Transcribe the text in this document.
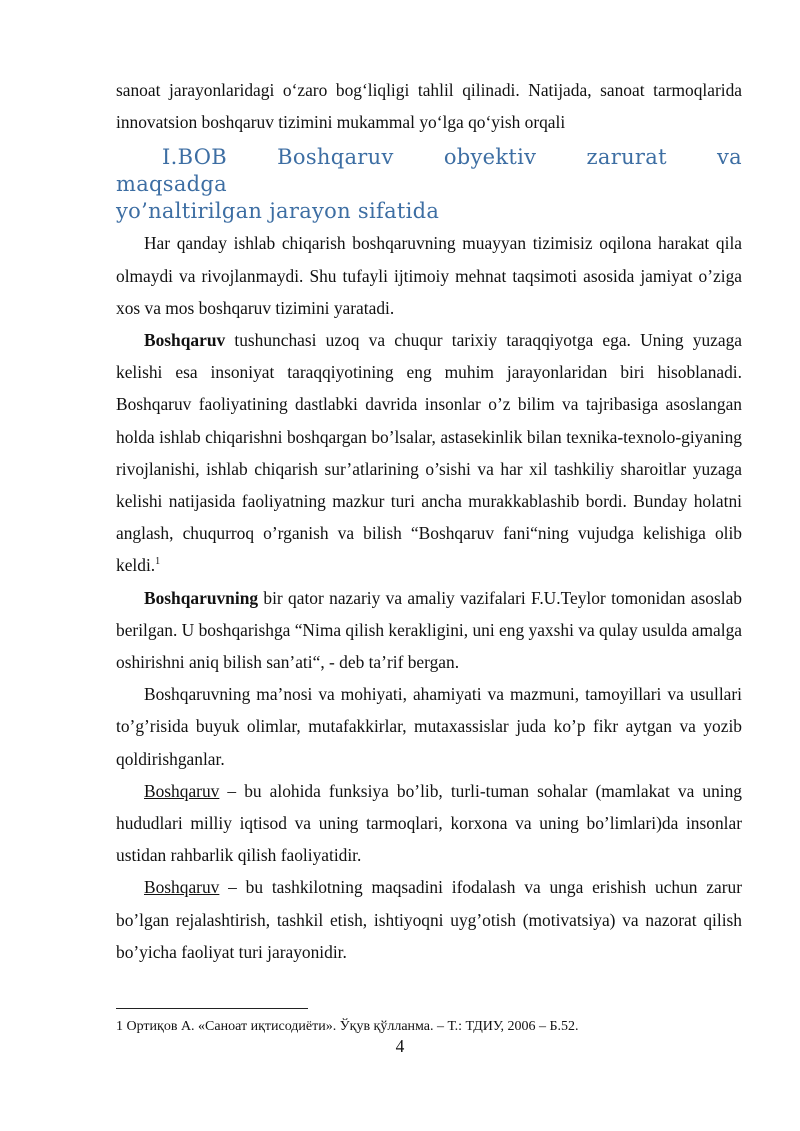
sanoat jarayonlaridagi o‘zaro bog‘liqligi tahlil qilinadi. Natijada, sanoat tarmoqlarida innovatsion boshqaruv tizimini mukammal yo‘lga qo‘yish orqali

I.BOB Boshqaruv obyektiv zarurat va maqsadga
yo’naltirilgan jarayon sifatida

Har qanday ishlab chiqarish boshqaruvning muayyan tizimisiz oqilona harakat qila olmaydi va rivojlanmaydi. Shu tufayli ijtimoiy mehnat taqsimoti asosida jamiyat o’ziga xos va mos boshqaruv tizimini yaratadi.

Boshqaruv tushunchasi uzoq va chuqur tarixiy taraqqiyotga ega. Uning yuzaga kelishi esa insoniyat taraqqiyotining eng muhim jarayonlaridan biri hisoblanadi. Boshqaruv faoliyatining dastlabki davrida insonlar o’z bilim va tajribasiga asoslangan holda ishlab chiqarishni boshqargan bo’lsalar, astasekinlik bilan texnika-texnolo-giyaning rivojlanishi, ishlab chiqarish sur’atlarining o’sishi va har xil tashkiliy sharoitlar yuzaga kelishi natijasida faoliyatning mazkur turi ancha murakkablashib bordi. Bunday holatni anglash, chuqurroq o’rganish va bilish “Boshqaruv fani“ning vujudga kelishiga olib keldi.$^1$

Boshqaruvning bir qator nazariy va amaliy vazifalari F.U.Teylor tomonidan asoslab berilgan. U boshqarishga “Nima qilish kerakligini, uni eng yaxshi va qulay usulda amalga oshirishni aniq bilish san’ati“, - deb ta’rif bergan.

Boshqaruvning ma’nosi va mohiyati, ahamiyati va mazmuni, tamoyillari va usullari to’g’risida buyuk olimlar, mutafakkirlar, mutaxassislar juda ko’p fikr aytgan va yozib qoldirishganlar.

Boshqaruv – bu alohida funksiya bo’lib, turli-tuman sohalar (mamlakat va uning hududlari milliy iqtisod va uning tarmoqlari, korxona va uning bo’limlari)da insonlar ustidan rahbarlik qilish faoliyatidir.

Boshqaruv – bu tashkilotning maqsadini ifodalash va unga erishish uchun zarur bo’lgan rejalashtirish, tashkil etish, ishtiyoqni uyg’otish (motivatsiya) va nazorat qilish bo’yicha faoliyat turi jarayonidir.

1 Ортиқов А. «Саноат иқтисодиёти». Ўқув қўлланма. – Т.: ТДИУ, 2006 – Б.52.
4
